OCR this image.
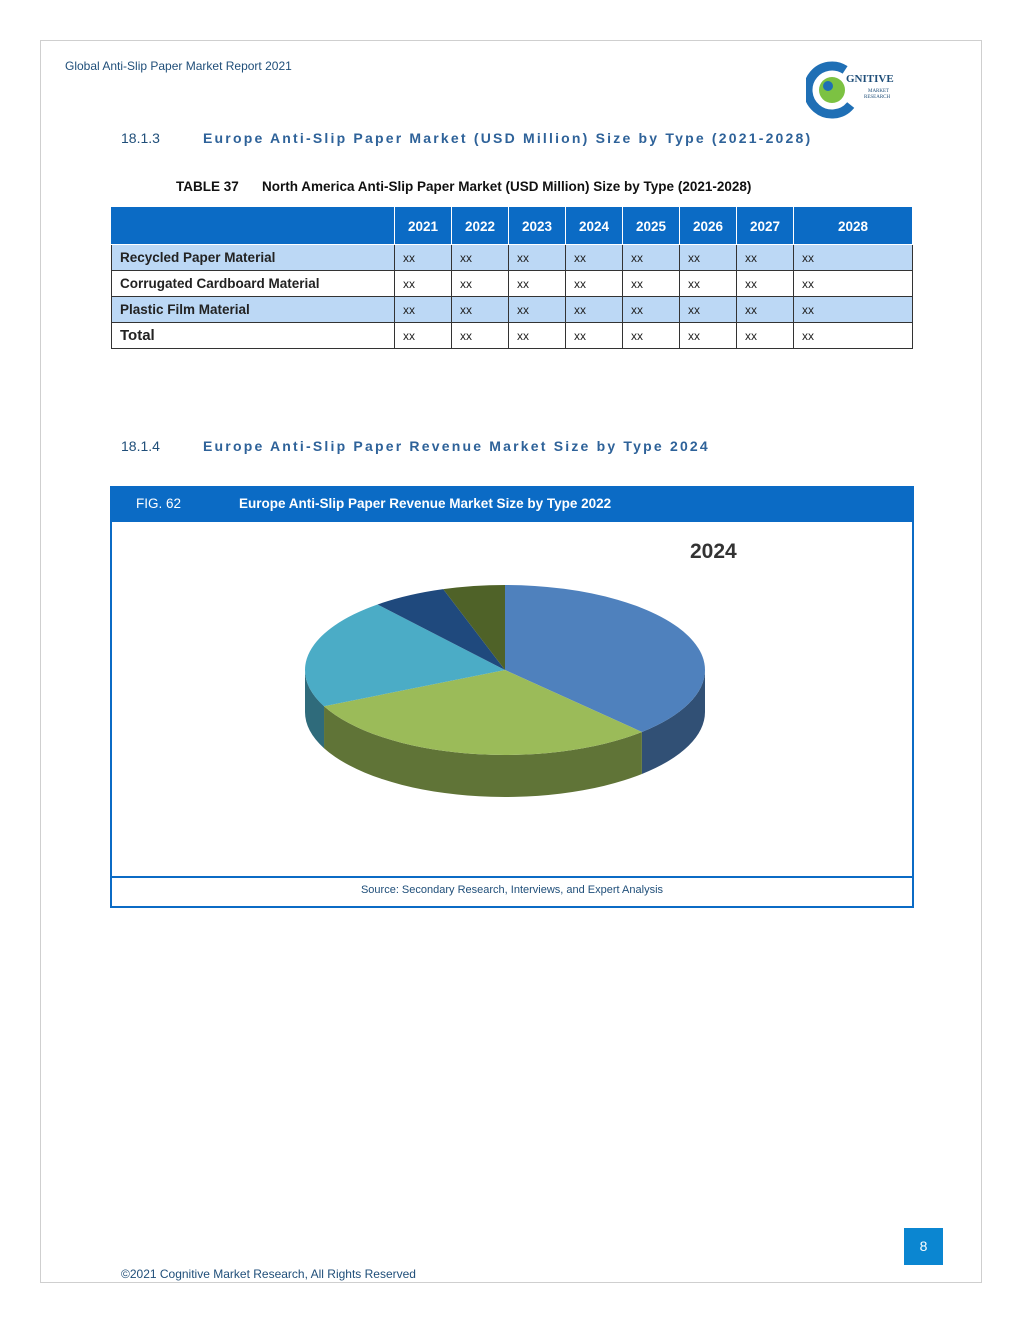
Global Anti-Slip Paper Market Report 2021
GNITIVE
MARKET
RESEARCH
18.1.3	Europe Anti-Slip Paper Market (USD Million) Size by Type (2021-2028)
TABLE 37 North America Anti-Slip Paper Market (USD Million) Size by Type (2021-2028)
	2021	2022	2023	2024	2025	2026	2027	2028
Recycled Paper Material	xx	xx	xx	xx	xx	xx	xx	xx
Corrugated Cardboard Material	xx	xx	xx	xx	xx	xx	xx	xx
Plastic Film Material	xx	xx	xx	xx	xx	xx	xx	xx
Total	xx	xx	xx	xx	xx	xx	xx	xx
18.1.4	Europe Anti-Slip Paper Revenue Market Size by Type 2024
FIG. 62	Europe Anti-Slip Paper Revenue Market Size by Type 2022
Source: Secondary Research, Interviews, and Expert Analysis
2024
8
©2021 Cognitive Market Research, All Rights Reserved
